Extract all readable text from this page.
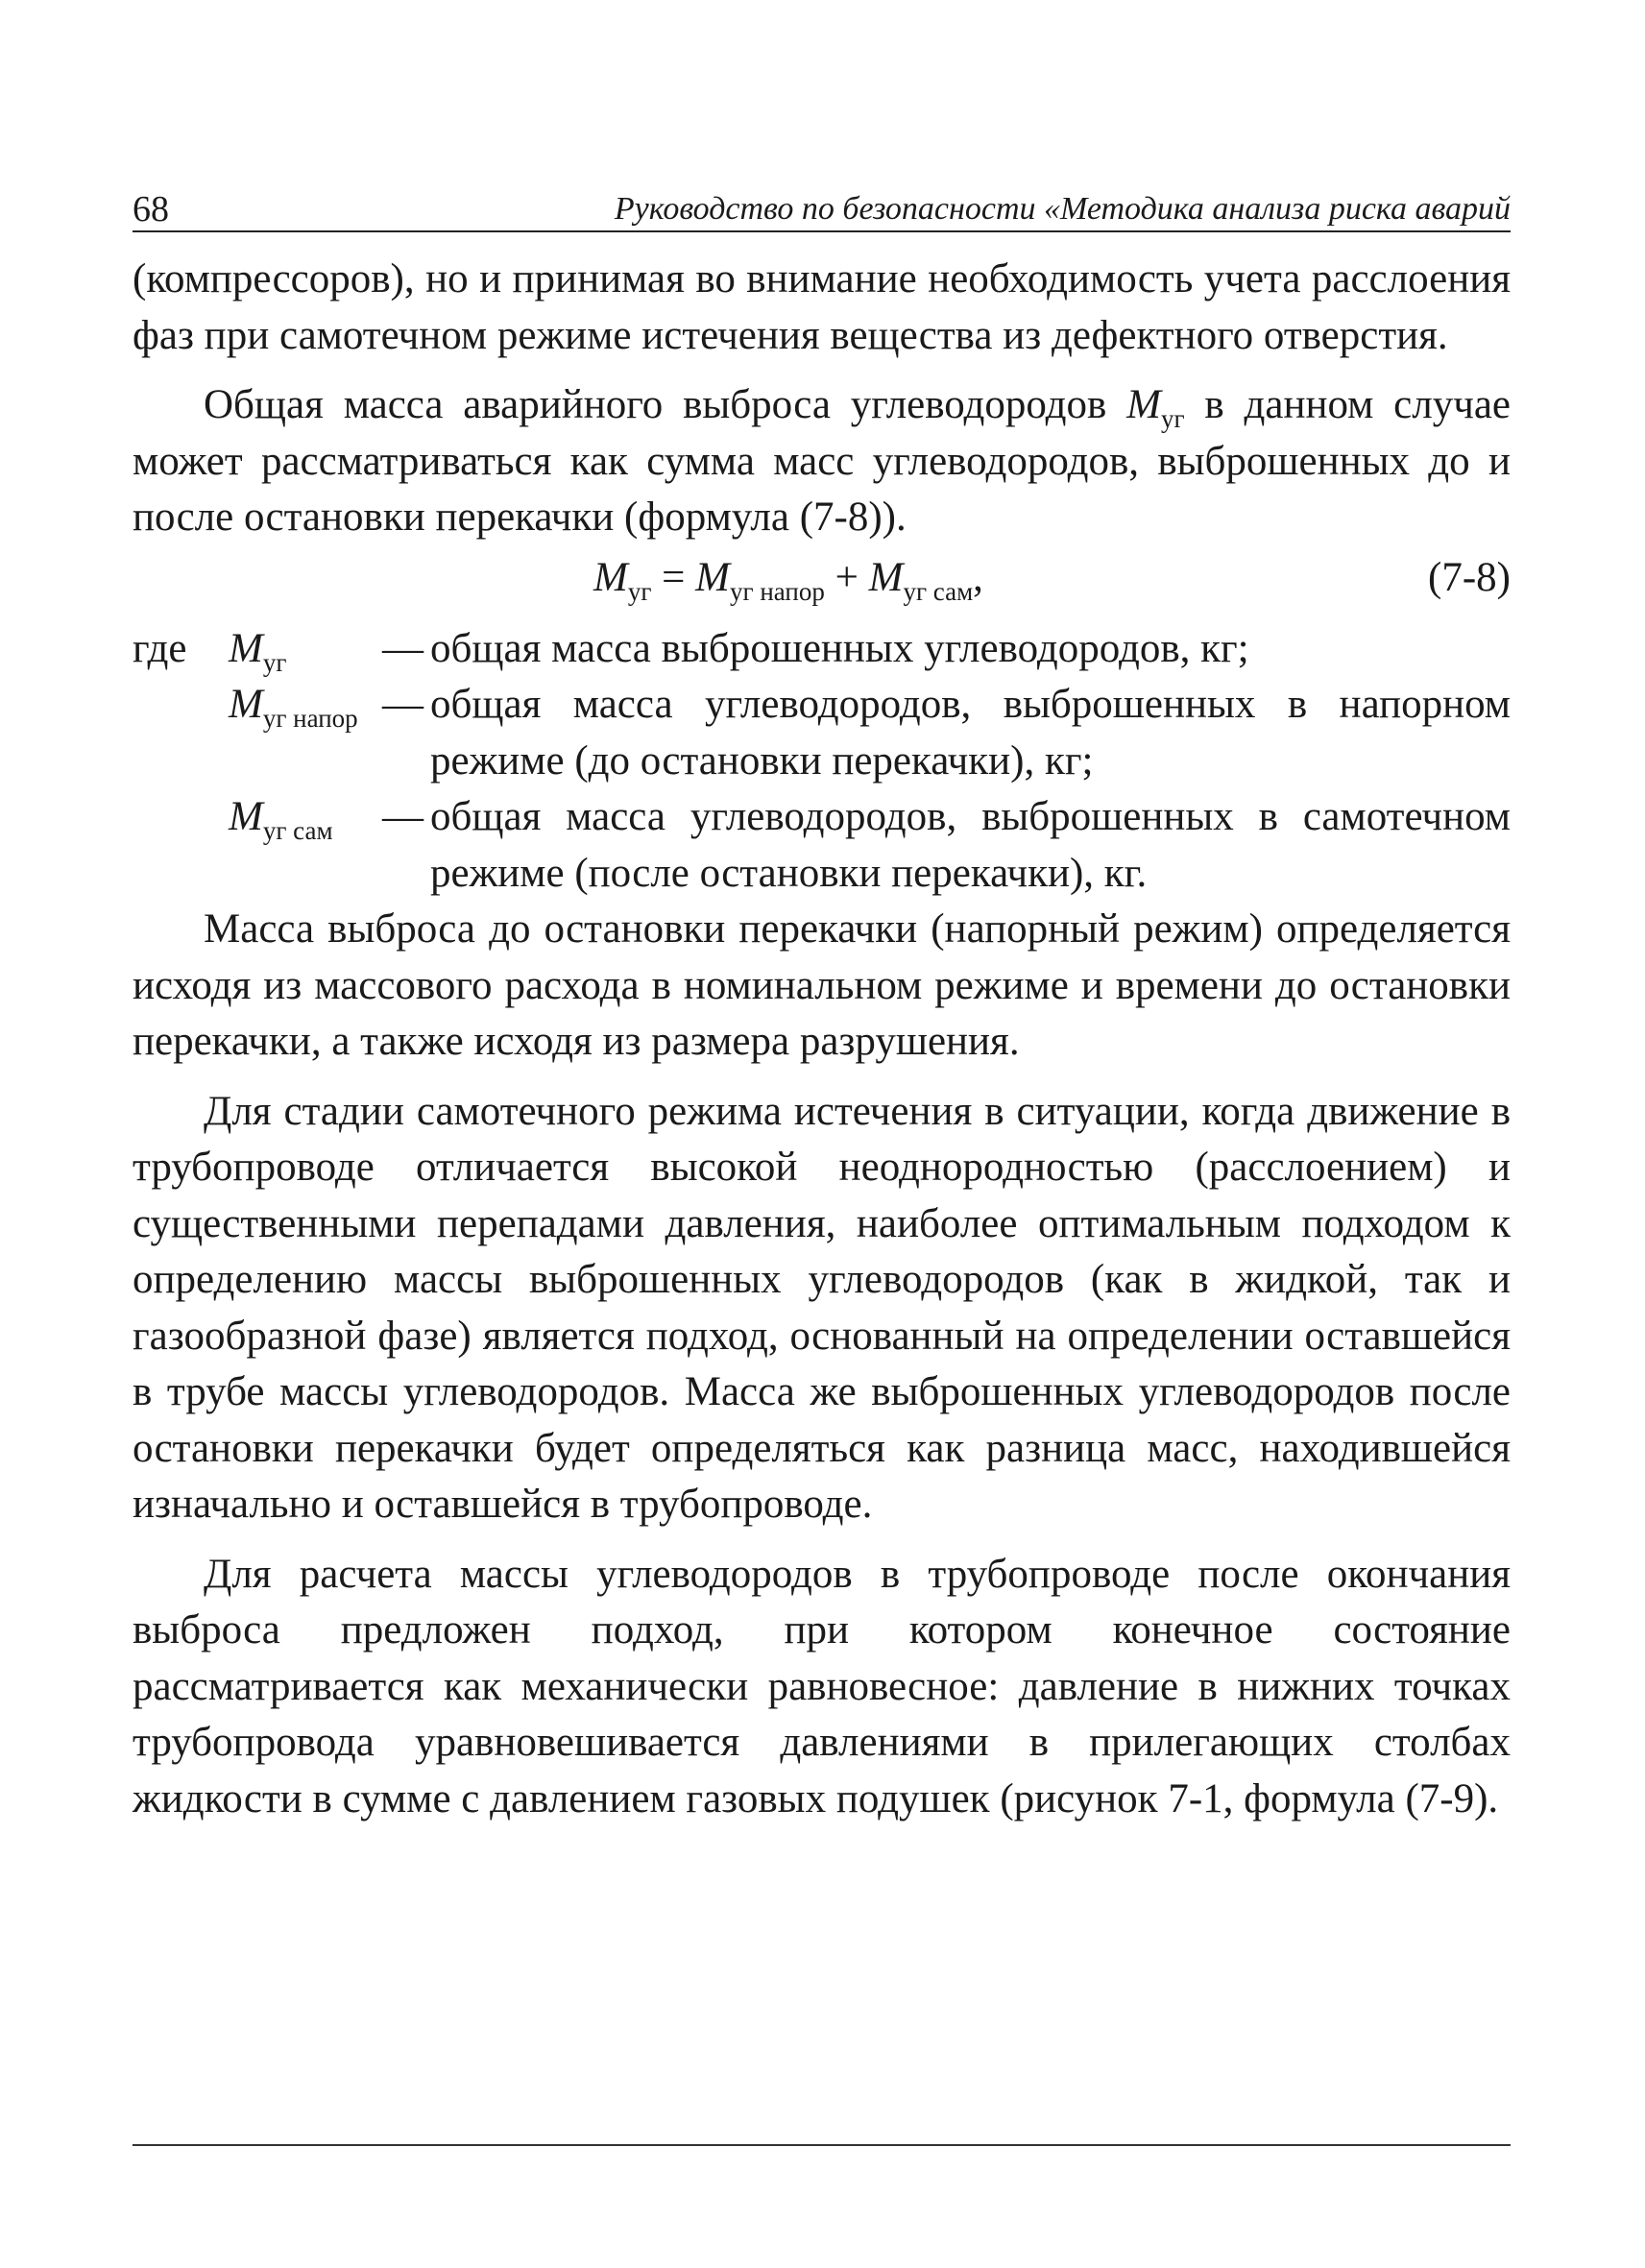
68	Руководство по безопасности «Методика анализа риска аварий

(компрессоров), но и принимая во внимание необходимость учета расслоения фаз при самотечном режиме истечения вещества из дефектного отверстия.

Общая масса аварийного выброса углеводородов $М_{уг}$ в данном случае может рассматриваться как сумма масс углеводородов, выброшенных до и после остановки перекачки (формула (7-8)).

$М_{уг} = М_{уг напор} + М_{уг сам}$,	(7-8)
где	$М_{уг}$	— общая масса выброшенных углеводородов, кг;
$М_{уг напор}$ — общая масса углеводородов, выброшенных в напорном режиме (до остановки перекачки), кг;
$М_{уг сам}$	— общая масса углеводородов, выброшенных в самотечном режиме (после остановки перекачки), кг.

Масса выброса до остановки перекачки (напорный режим) определяется исходя из массового расхода в номинальном режиме и времени до остановки перекачки, а также исходя из размера разрушения.

Для стадии самотечного режима истечения в ситуации, когда движение в трубопроводе отличается высокой неоднородностью (расслоением) и существенными перепадами давления, наиболее оптимальным подходом к определению массы выброшенных углеводородов (как в жидкой, так и газообразной фазе) является подход, основанный на определении оставшейся в трубе массы углеводородов. Масса же выброшенных углеводородов после остановки перекачки будет определяться как разница масс, находившейся изначально и оставшейся в трубопроводе.

Для расчета массы углеводородов в трубопроводе после окончания выброса предложен подход, при котором конечное состояние рассматривается как механически равновесное: давление в нижних точках трубопровода уравновешивается давлениями в прилегающих столбах жидкости в сумме с давлением газовых подушек (рисунок 7-1, формула (7-9).
